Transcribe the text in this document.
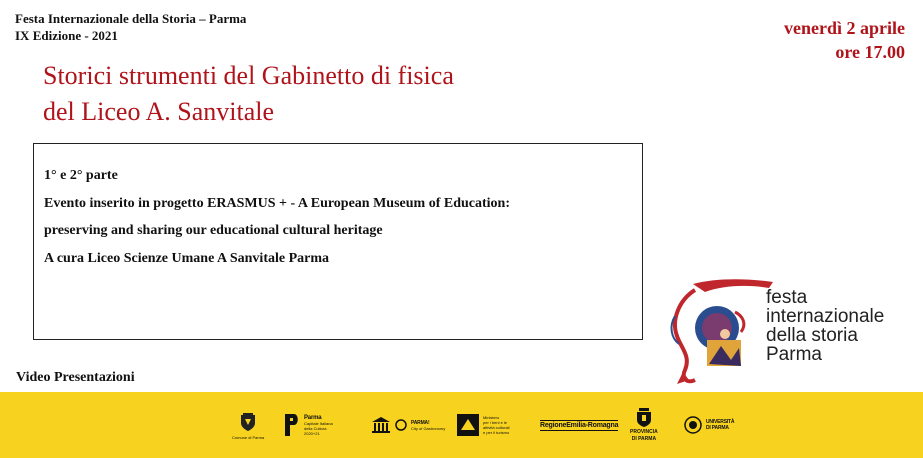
Festa Internazionale della Storia – Parma
IX Edizione - 2021	venerdì 2 aprile
ore 17.00
Storici strumenti del Gabinetto di fisica
del Liceo A. Sanvitale

1° e 2° parte

Evento inserito in progetto ERASMUS + - A European Museum of Education:

preserving and sharing our educational cultural heritage

A cura Liceo Scienze Umane A Sanvitale Parma

Video Presentazioni
festa
internazionale
della storia
Parma
Comune di Parma
Parma
Capitale Italiana
della Cultura
2020+21
PARMA!
City of Gastronomy
Ministero
per i beni e le
attività culturali
e per il turismo
RegioneEmilia-Romagna
PROVINCIA
DI PARMA
UNIVERSITÀ
DI PARMA
